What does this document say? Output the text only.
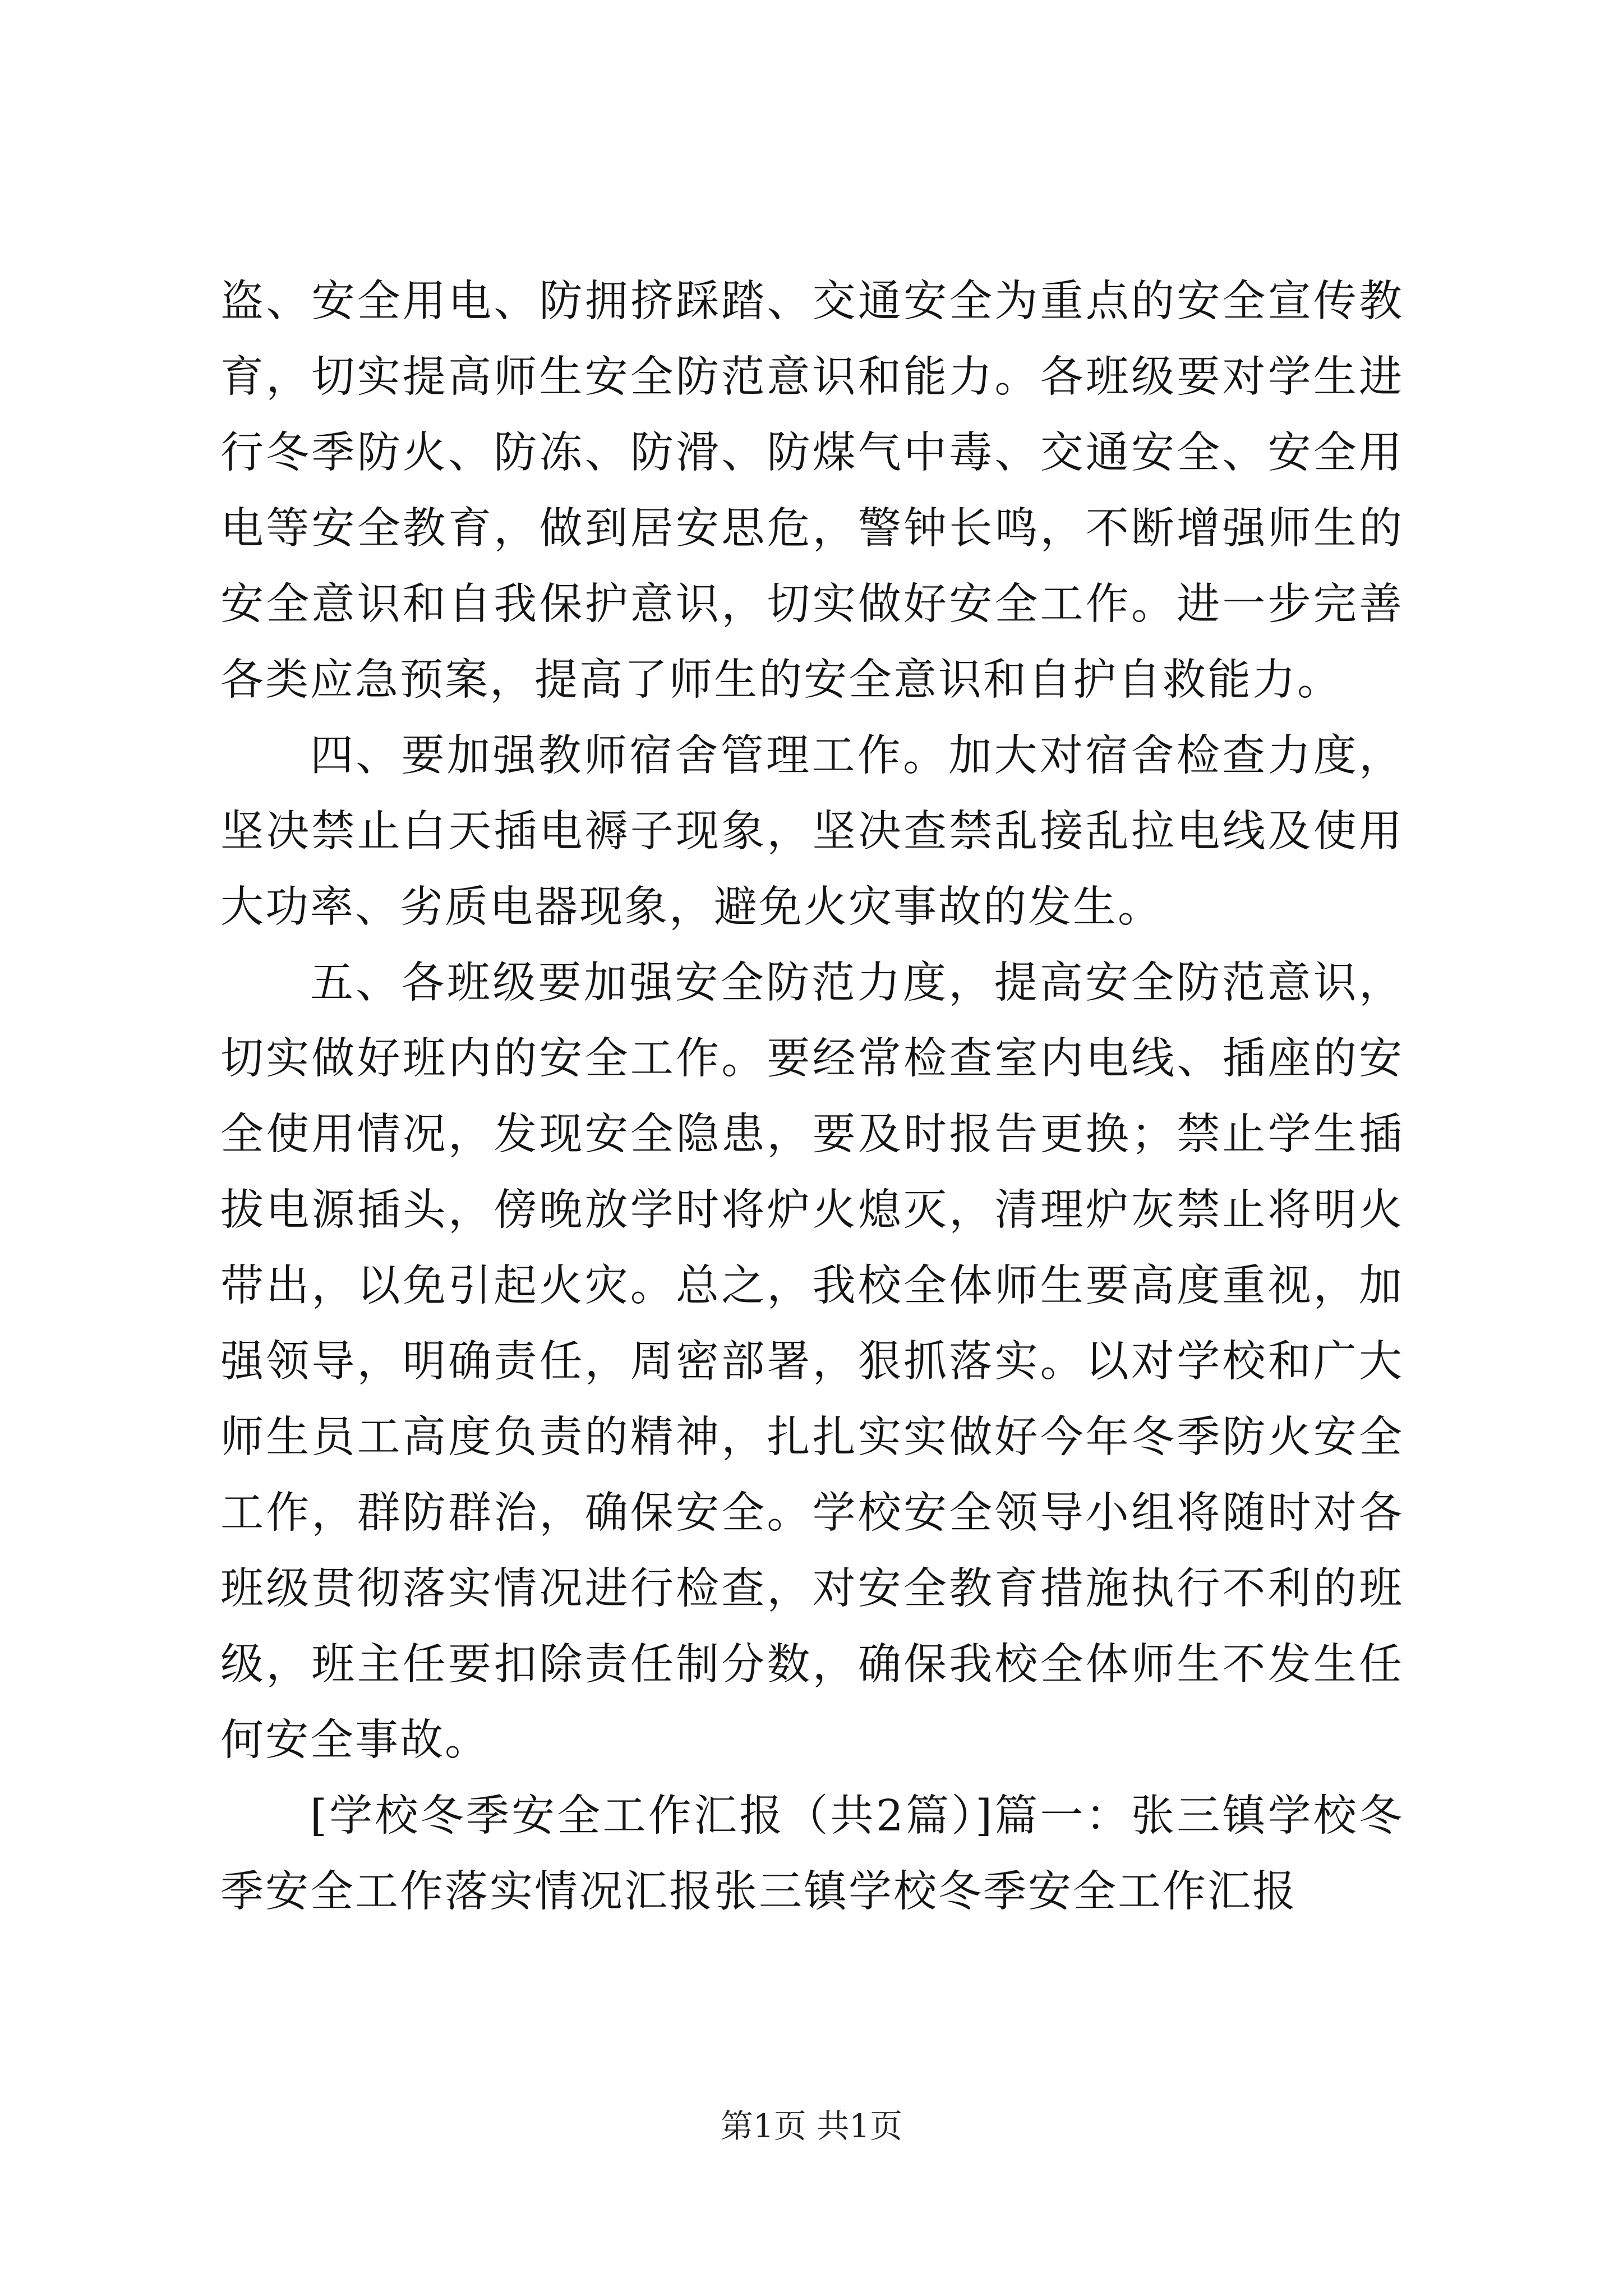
盗、安全用电、防拥挤踩踏、交通安全为重点的安全宣传教育，切实提高师生安全防范意识和能力。各班级要对学生进行冬季防火、防冻、防滑、防煤气中毒、交通安全、安全用电等安全教育，做到居安思危，警钟长鸣，不断增强师生的安全意识和自我保护意识，切实做好安全工作。进一步完善各类应急预案，提高了师生的安全意识和自护自救能力。

四、要加强教师宿舍管理工作。加大对宿舍检查力度，坚决禁止白天插电褥子现象，坚决查禁乱接乱拉电线及使用大功率、劣质电器现象，避免火灾事故的发生。

五、各班级要加强安全防范力度，提高安全防范意识，切实做好班内的安全工作。要经常检查室内电线、插座的安全使用情况，发现安全隐患，要及时报告更换；禁止学生插拔电源插头，傍晚放学时将炉火熄灭，清理炉灰禁止将明火带出，以免引起火灾。总之，我校全体师生要高度重视，加强领导，明确责任，周密部署，狠抓落实。以对学校和广大师生员工高度负责的精神，扎扎实实做好今年冬季防火安全工作，群防群治，确保安全。学校安全领导小组将随时对各班级贯彻落实情况进行检查，对安全教育措施执行不利的班级，班主任要扣除责任制分数，确保我校全体师生不发生任何安全事故。

[学校冬季安全工作汇报（共2篇）]篇一：张三镇学校冬季安全工作落实情况汇报张三镇学校冬季安全工作汇报

第1页 共1页
